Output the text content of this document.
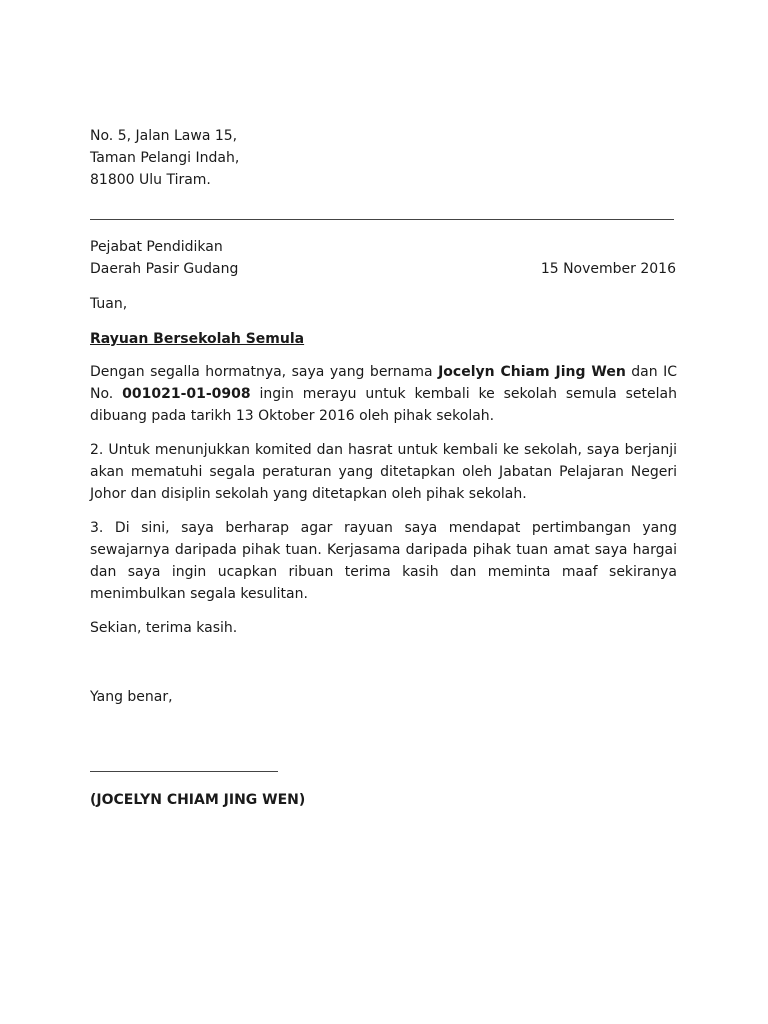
No. 5, Jalan Lawa 15,
Taman Pelangi Indah,
81800 Ulu Tiram.
Pejabat Pendidikan
Daerah Pasir Gudang	15 November 2016
Tuan,
Rayuan Bersekolah Semula
Dengan segalla hormatnya, saya yang bernama Jocelyn Chiam Jing Wen dan IC No. 001021-01-0908 ingin merayu untuk kembali ke sekolah semula setelah dibuang pada tarikh 13 Oktober 2016 oleh pihak sekolah.
2. Untuk menunjukkan komited dan hasrat untuk kembali ke sekolah, saya berjanji akan mematuhi segala peraturan yang ditetapkan oleh Jabatan Pelajaran Negeri Johor dan disiplin sekolah yang ditetapkan oleh pihak sekolah.
3. Di sini, saya berharap agar rayuan saya mendapat pertimbangan yang sewajarnya daripada pihak tuan. Kerjasama daripada pihak tuan amat saya hargai dan saya ingin ucapkan ribuan terima kasih dan meminta maaf sekiranya menimbulkan segala kesulitan.
Sekian, terima kasih.
Yang benar,
(JOCELYN CHIAM JING WEN)
